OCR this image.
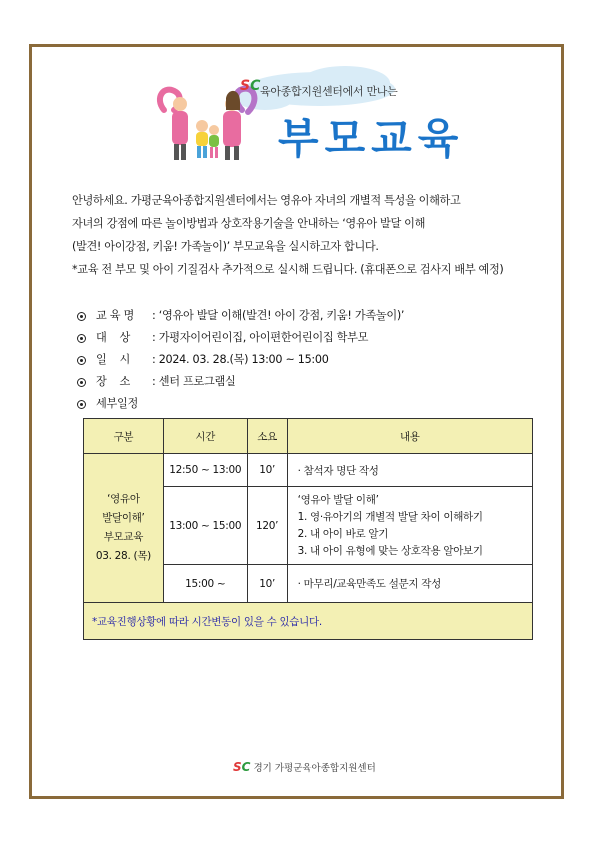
SC 육아종합지원센터에서 만나는
부모교육

안녕하세요. 가평군육아종합지원센터에서는 영유아 자녀의 개별적 특성을 이해하고

자녀의 강점에 따른 놀이방법과 상호작용기술을 안내하는 ‘영유아 발달 이해

(발견! 아이강점, 키움! 가족놀이)’ 부모교육을 실시하고자 합니다.

*교육 전 부모 및 아이 기질검사 추가적으로 실시해 드립니다. (휴대폰으로 검사지 배부 예정)

교 육 명	: ‘영유아 발달 이해(발견! 아이 강점, 키움! 가족놀이)’
대    상	: 가평자이어린이집, 아이편한어린이집 학부모
일    시	: 2024. 03. 28.(목) 13:00 ~ 15:00
장    소	: 센터 프로그램실
세부일정
구분	시간	소요	내용

‘영유아
발달이해’
부모교육
03. 28. (목)	12:50 ~ 13:00	10’	· 참석자 명단 작성
	13:00 ~ 15:00	120’	‘영유아 발달 이해’
1. 영·유아기의 개별적 발달 차이 이해하기
2. 내 아이 바로 알기
3. 내 아이 유형에 맞는 상호작용 알아보기

	15:00 ~	10’	· 마무리/교육만족도 설문지 작성
*교육진행상황에 따라 시간변동이 있을 수 있습니다.			
SC 경기 가평군육아종합지원센터
